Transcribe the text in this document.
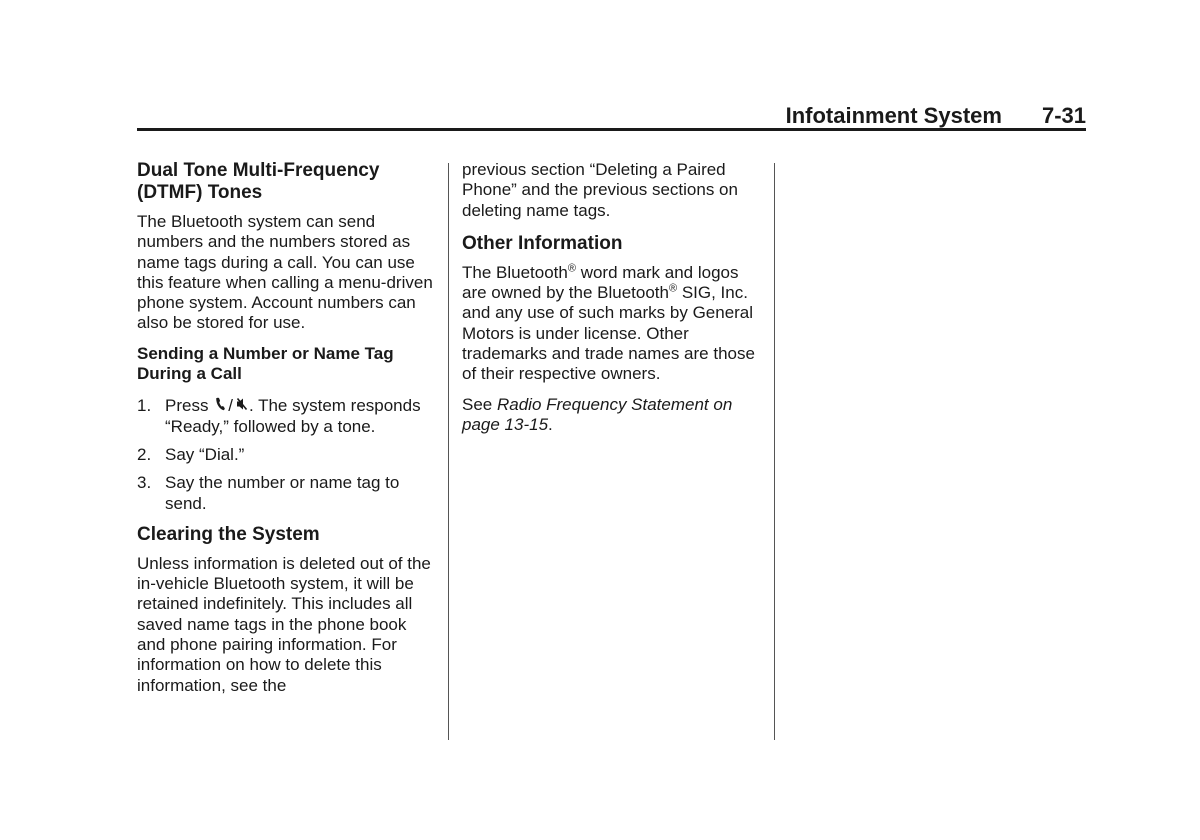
Infotainment System 7-31
Dual Tone Multi-Frequency (DTMF) Tones

The Bluetooth system can send numbers and the numbers stored as name tags during a call. You can use this feature when calling a menu-driven phone system. Account numbers can also be stored for use.

Sending a Number or Name Tag During a Call
1. Press / . The system responds “Ready,” followed by a tone.
2. Say “Dial.”
3. Say the number or name tag to send.
Clearing the System

Unless information is deleted out of the in-vehicle Bluetooth system, it will be retained indefinitely. This includes all saved name tags in the phone book and phone pairing information. For information on how to delete this information, see the

previous section “Deleting a Paired Phone” and the previous sections on deleting name tags.

Other Information

The Bluetooth® word mark and logos are owned by the Bluetooth® SIG, Inc. and any use of such marks by General Motors is under license. Other trademarks and trade names are those of their respective owners.

See Radio Frequency Statement on page 13-15.
